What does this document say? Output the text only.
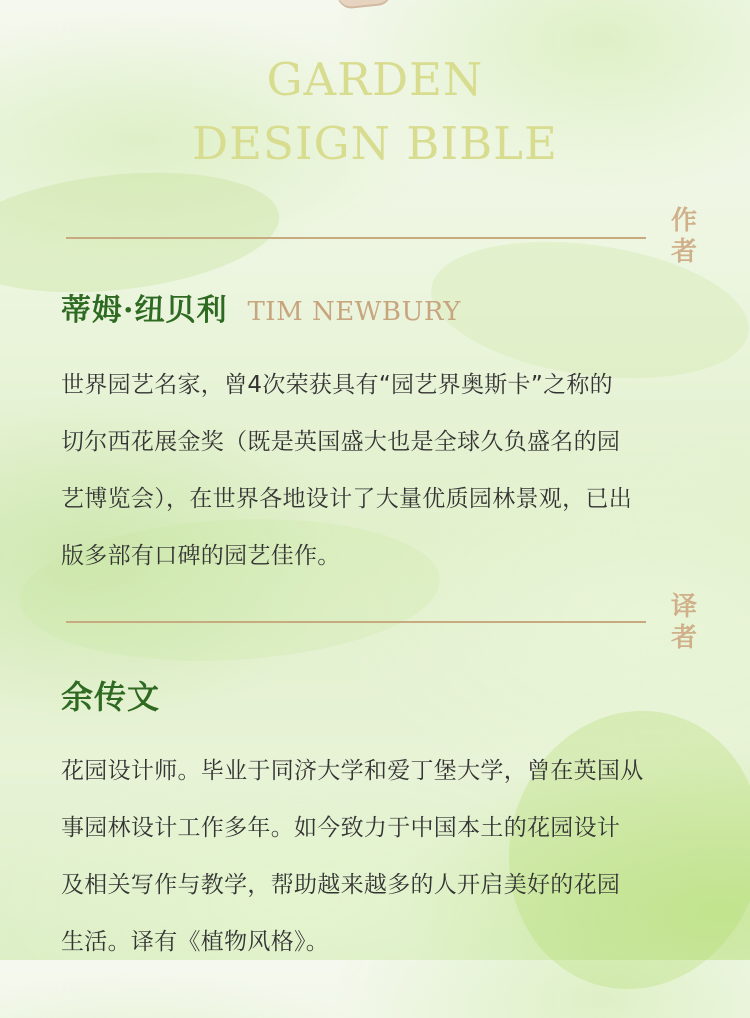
GARDEN
DESIGN BIBLE
作
者
蒂姆·纽贝利 TIM NEWBURY

世界园艺名家，曾4次荣获具有“园艺界奥斯卡”之称的
切尔西花展金奖（既是英国盛大也是全球久负盛名的园
艺博览会），在世界各地设计了大量优质园林景观，已出
版多部有口碑的园艺佳作。

译
者
余传文

花园设计师。毕业于同济大学和爱丁堡大学，曾在英国从
事园林设计工作多年。如今致力于中国本土的花园设计
及相关写作与教学，帮助越来越多的人开启美好的花园
生活。译有《植物风格》。
